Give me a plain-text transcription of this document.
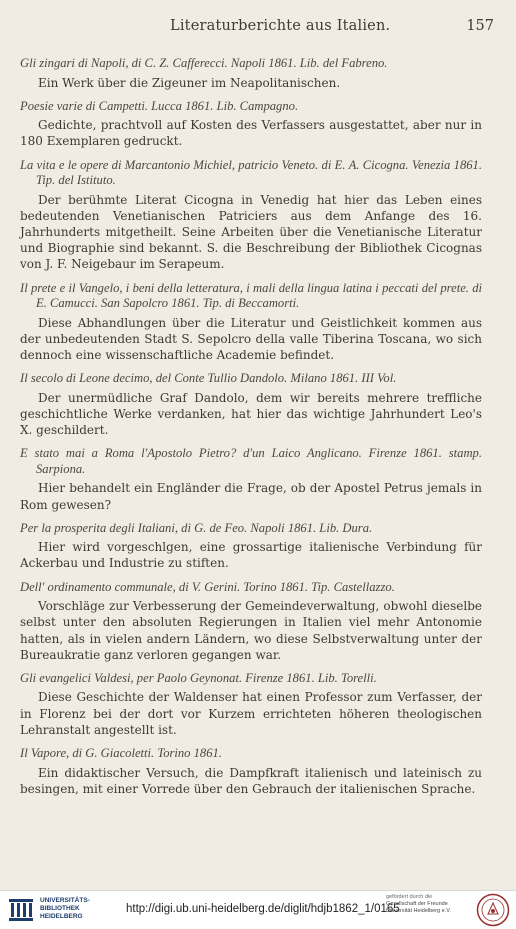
Literaturberichte aus Italien.	157
Gli zingari di Napoli, di C. Z. Cafferecci. Napoli 1861. Lib. del Fabreno.
Ein Werk über die Zigeuner im Neapolitanischen.
Poesie varie di Campetti. Lucca 1861. Lib. Campagno.
Gedichte, prachtvoll auf Kosten des Verfassers ausgestattet, aber nur in 180 Exemplaren gedruckt.
La vita e le opere di Marcantonio Michiel, patricio Veneto. di E. A. Cicogna. Venezia 1861. Tip. del Istituto.
Der berühmte Literat Cicogna in Venedig hat hier das Leben eines bedeutenden Venetianischen Patriciers aus dem Anfange des 16. Jahrhunderts mitgetheilt. Seine Arbeiten über die Venetianische Literatur und Biographie sind bekannt. S. die Beschreibung der Bibliothek Cicognas von J. F. Neigebaur im Serapeum.
Il prete e il Vangelo, i beni della letteratura, i mali della lingua latina i peccati del prete. di E. Camucci. San Sapolcro 1861. Tip. di Beccamorti.
Diese Abhandlungen über die Literatur und Geistlichkeit kommen aus der unbedeutenden Stadt S. Sepolcro della valle Tiberina Toscana, wo sich dennoch eine wissenschaftliche Academie befindet.
Il secolo di Leone decimo, del Conte Tullio Dandolo. Milano 1861. III Vol.
Der unermüdliche Graf Dandolo, dem wir bereits mehrere treffliche geschichtliche Werke verdanken, hat hier das wichtige Jahrhundert Leo's X. geschildert.
E stato mai a Roma l'Apostolo Pietro? d'un Laico Anglicano. Firenze 1861. stamp. Sarpiona.
Hier behandelt ein Engländer die Frage, ob der Apostel Petrus jemals in Rom gewesen?
Per la prosperita degli Italiani, di G. de Feo. Napoli 1861. Lib. Dura.
Hier wird vorgeschlgen, eine grossartige italienische Verbindung für Ackerbau und Industrie zu stiften.
Dell' ordinamento communale, di V. Gerini. Torino 1861. Tip. Castellazzo.
Vorschläge zur Verbesserung der Gemeindeverwaltung, obwohl dieselbe selbst unter den absoluten Regierungen in Italien viel mehr Antonomie hatten, als in vielen andern Ländern, wo diese Selbstverwaltung unter der Bureaukratie ganz verloren gegangen war.
Gli evangelici Valdesi, per Paolo Geynonat. Firenze 1861. Lib. Torelli.
Diese Geschichte der Waldenser hat einen Professor zum Verfasser, der in Florenz bei der dort vor Kurzem errichteten höheren theologischen Lehranstalt angestellt ist.
Il Vapore, di G. Giacoletti. Torino 1861.
Ein didaktischer Versuch, die Dampfkraft italienisch und lateinisch zu besingen, mit einer Vorrede über den Gebrauch der italienischen Sprache.
UNIVERSITÄTS-
BIBLIOTHEK
HEIDELBERG
http://digi.ub.uni-heidelberg.de/diglit/hdjb1862_1/0165
gefördert durch die
Gesellschaft der Freunde
Universität Heidelberg e.V.
